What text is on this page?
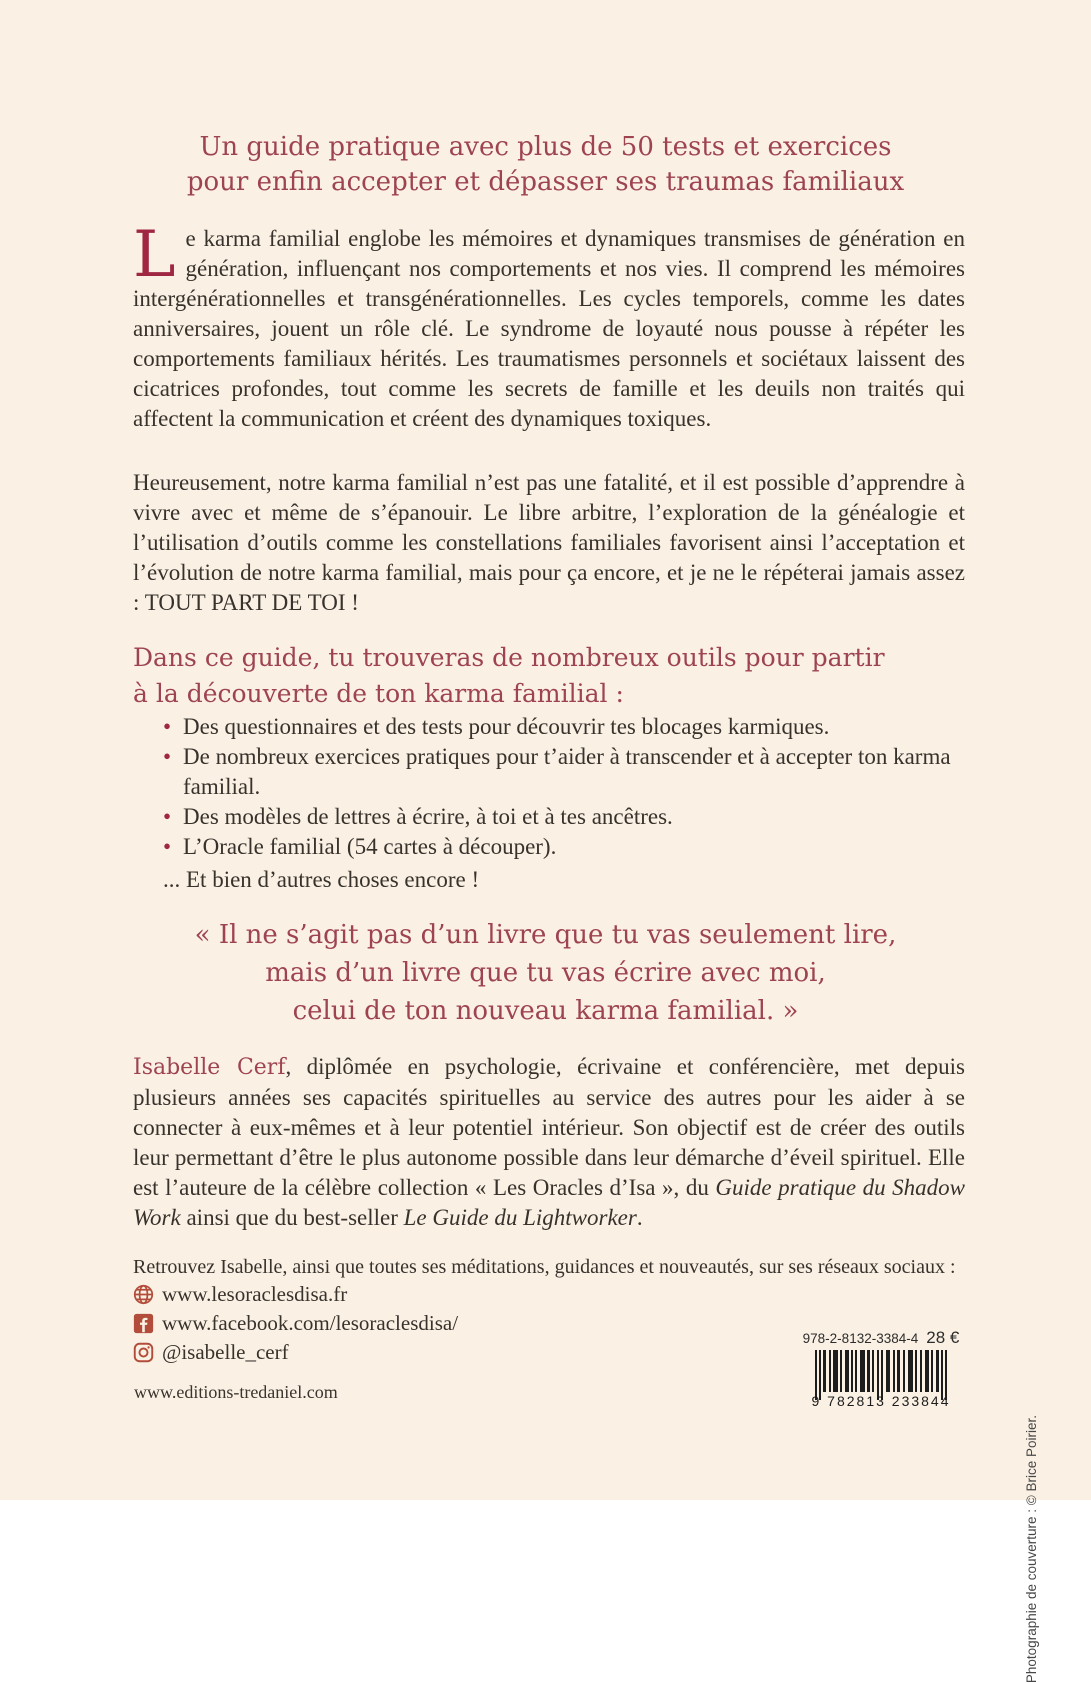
Un guide pratique avec plus de 50 tests et exercices
pour enfin accepter et dépasser ses traumas familiaux
Le karma familial englobe les mémoires et dynamiques transmises de génération en génération, influençant nos comportements et nos vies. Il comprend les mémoires intergénérationnelles et transgénérationnelles. Les cycles temporels, comme les dates anniversaires, jouent un rôle clé. Le syndrome de loyauté nous pousse à répéter les comportements familiaux hérités. Les traumatismes personnels et sociétaux laissent des cicatrices profondes, tout comme les secrets de famille et les deuils non traités qui affectent la communication et créent des dynamiques toxiques.
Heureusement, notre karma familial n’est pas une fatalité, et il est possible d’apprendre à vivre avec et même de s’épanouir. Le libre arbitre, l’exploration de la généalogie et l’utilisation d’outils comme les constellations familiales favorisent ainsi l’acceptation et l’évolution de notre karma familial, mais pour ça encore, et je ne le répéterai jamais assez : TOUT PART DE TOI !
Dans ce guide, tu trouveras de nombreux outils pour partir à la découverte de ton karma familial :
• Des questionnaires et des tests pour découvrir tes blocages karmiques.
• De nombreux exercices pratiques pour t’aider à transcender et à accepter ton karma familial.
• Des modèles de lettres à écrire, à toi et à tes ancêtres.
• L’Oracle familial (54 cartes à découper).
... Et bien d’autres choses encore !
« Il ne s’agit pas d’un livre que tu vas seulement lire,
mais d’un livre que tu vas écrire avec moi,
celui de ton nouveau karma familial. »
Isabelle Cerf, diplômée en psychologie, écrivaine et conférencière, met depuis plusieurs années ses capacités spirituelles au service des autres pour les aider à se connecter à eux-mêmes et à leur potentiel intérieur. Son objectif est de créer des outils leur permettant d’être le plus autonome possible dans leur démarche d’éveil spirituel. Elle est l’auteure de la célèbre collection « Les Oracles d’Isa », du Guide pratique du Shadow Work ainsi que du best-seller Le Guide du Lightworker.
Retrouvez Isabelle, ainsi que toutes ses méditations, guidances et nouveautés, sur ses réseaux sociaux :
www.lesoraclesdisa.fr
www.facebook.com/lesoraclesdisa/
@isabelle_cerf
978-2-8132-3384-4 28 €
9 782813 233844
www.editions-tredaniel.com
Photographie de couverture : © Brice Poirier.
